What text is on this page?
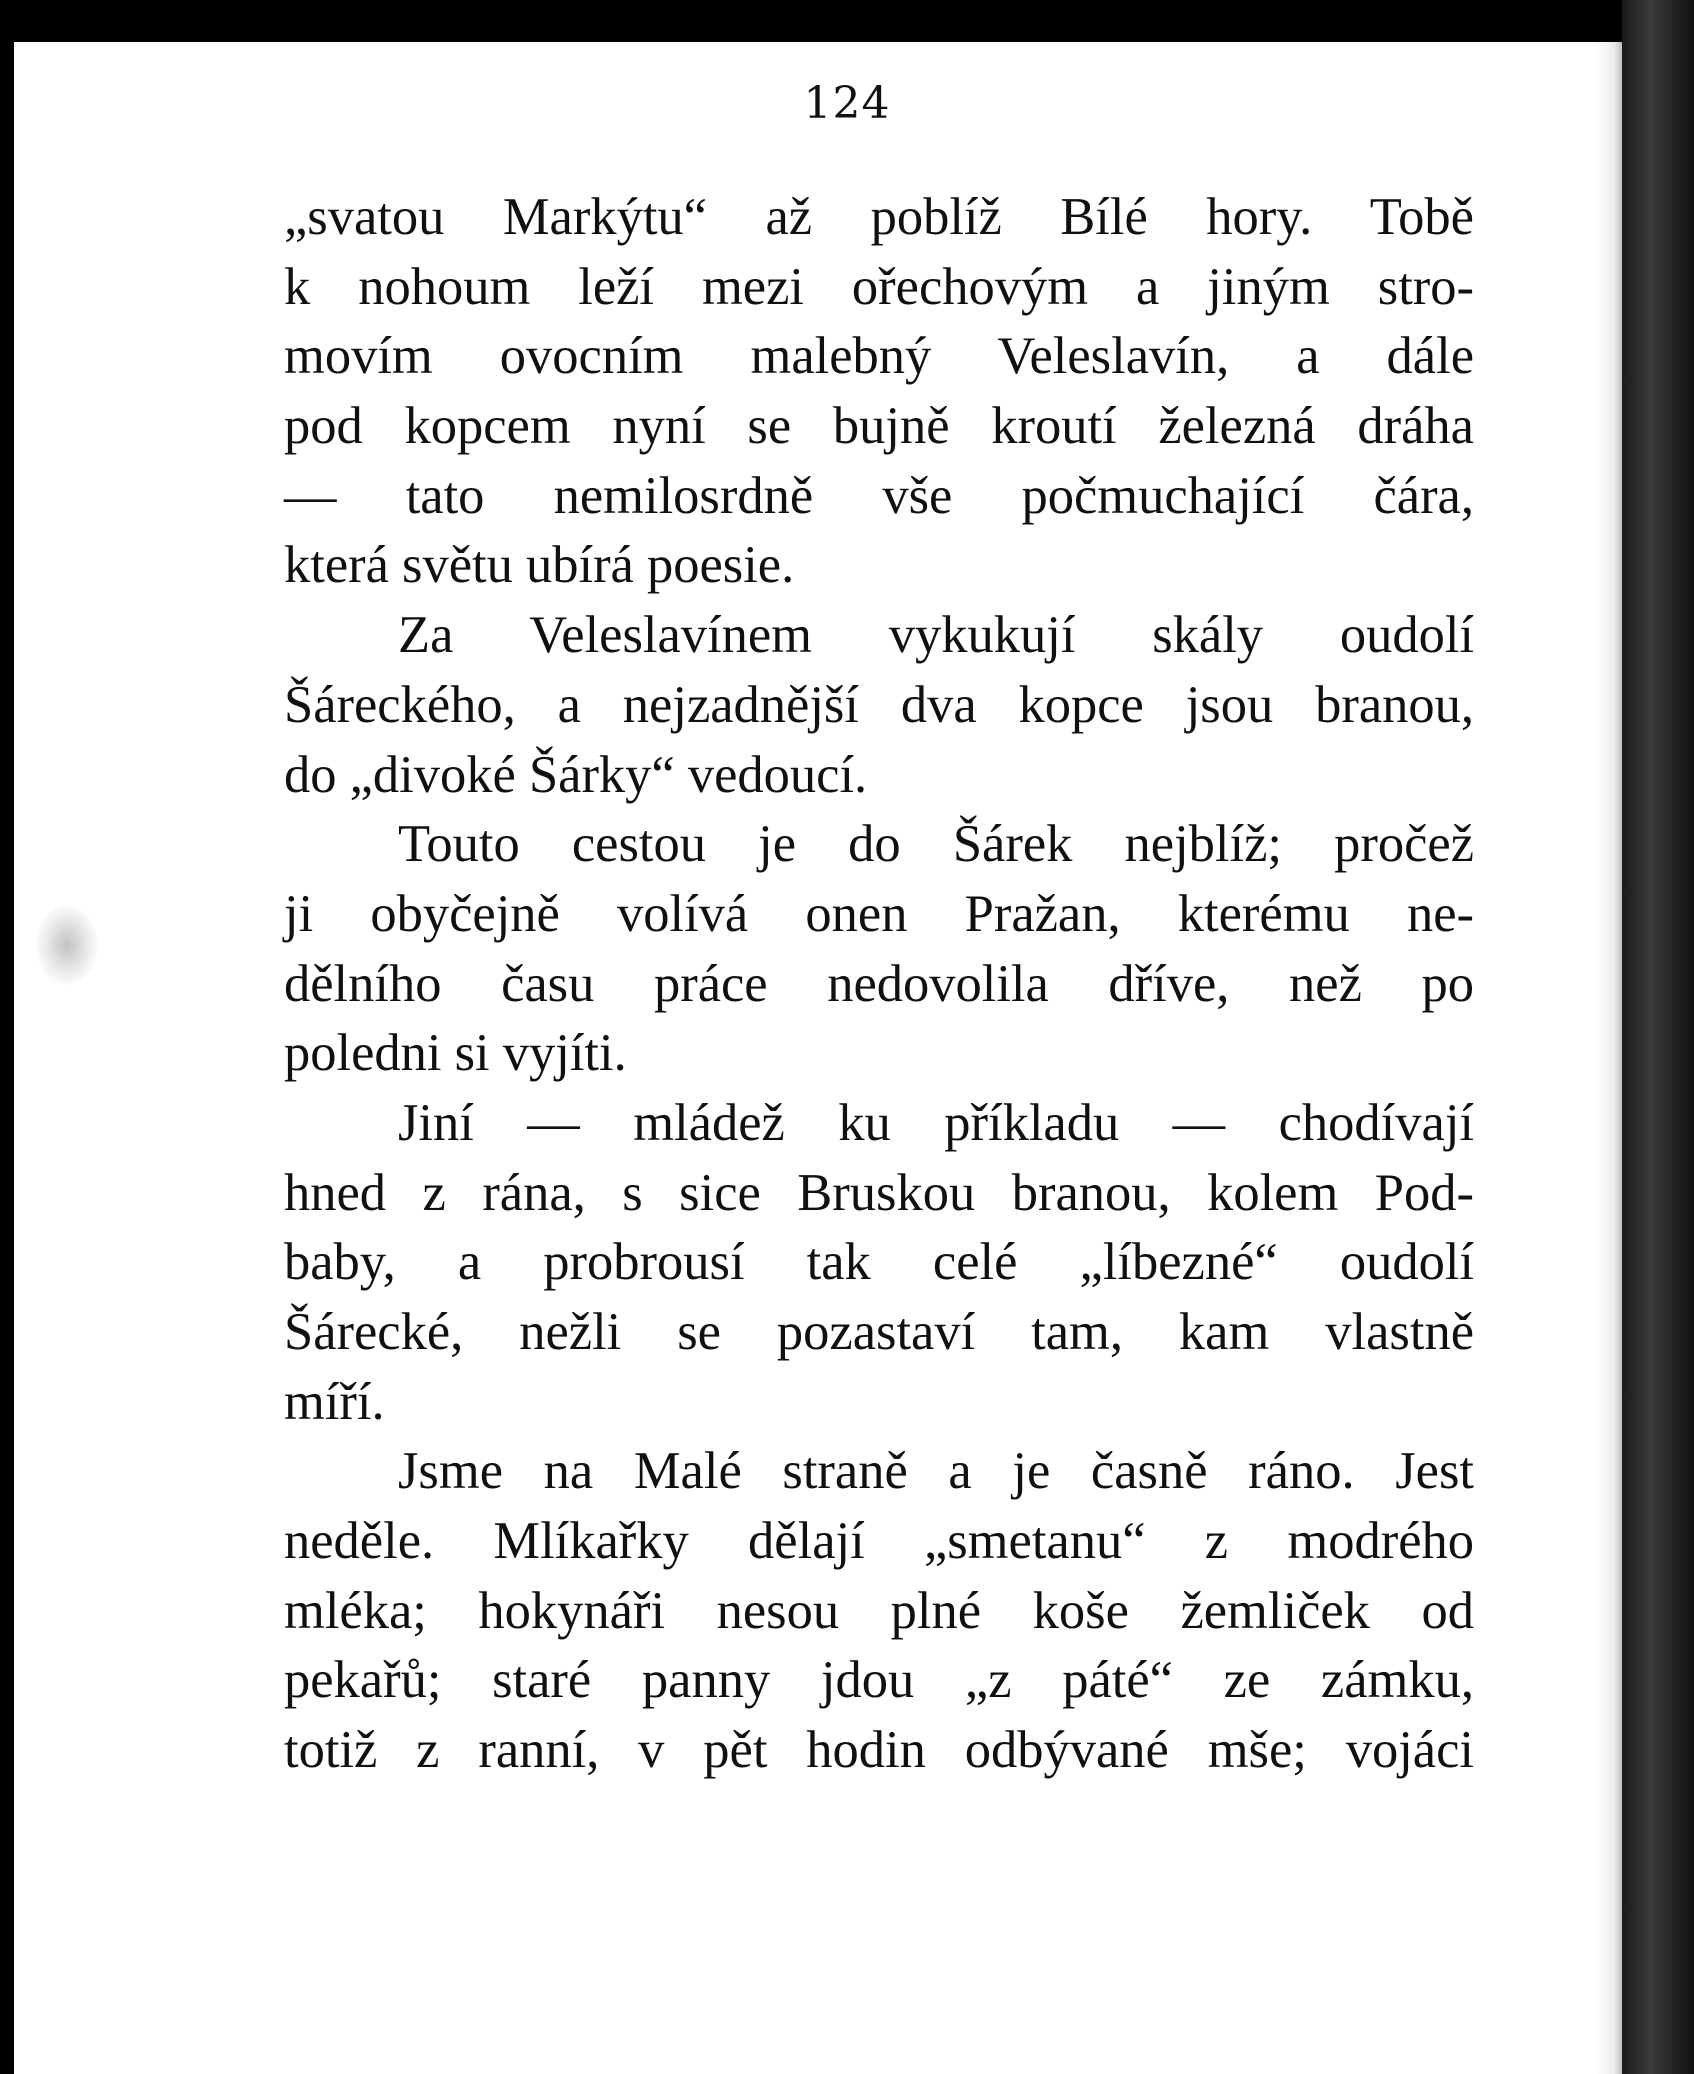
124
„svatou Markýtu“ až poblíž Bílé hory. Tobě
k nohoum leží mezi ořechovým a jiným stro-
movím ovocním malebný Veleslavín, a dále
pod kopcem nyní se bujně kroutí železná dráha
— tato nemilosrdně vše počmuchající čára,
která světu ubírá poesie.
Za Veleslavínem vykukují skály oudolí
Šáreckého, a nejzadnější dva kopce jsou branou,
do „divoké Šárky“ vedoucí.
Touto cestou je do Šárek nejblíž; pročež
ji obyčejně volívá onen Pražan, kterému ne-
dělního času práce nedovolila dříve, než po
poledni si vyjíti.
Jiní — mládež ku příkladu — chodívají
hned z rána, s sice Bruskou branou, kolem Pod-
baby, a probrousí tak celé „líbezné“ oudolí
Šárecké, nežli se pozastaví tam, kam vlastně
míří.
Jsme na Malé straně a je časně ráno. Jest
neděle. Mlíkařky dělají „smetanu“ z modrého
mléka; hokynáři nesou plné koše žemliček od
pekařů; staré panny jdou „z páté“ ze zámku,
totiž z ranní, v pět hodin odbývané mše; vojáci
